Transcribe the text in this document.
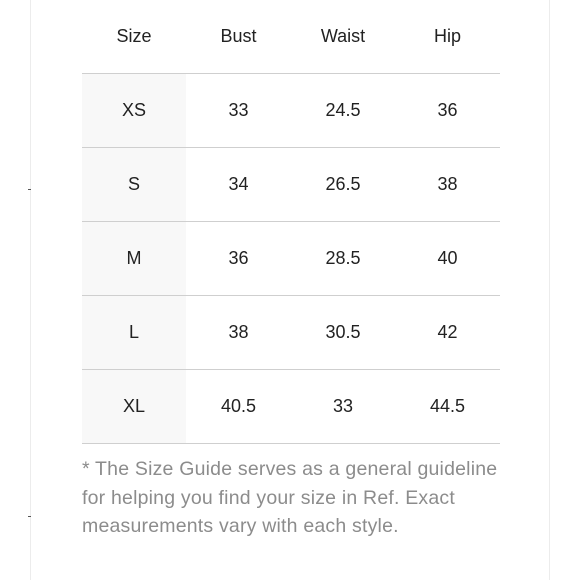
Size	Bust	Waist	Hip
XS	33	24.5	36
S	34	26.5	38
M	36	28.5	40
L	38	30.5	42
XL	40.5	33	44.5

* The Size Guide serves as a general guideline for helping you find your size in Ref. Exact measurements vary with each style.
